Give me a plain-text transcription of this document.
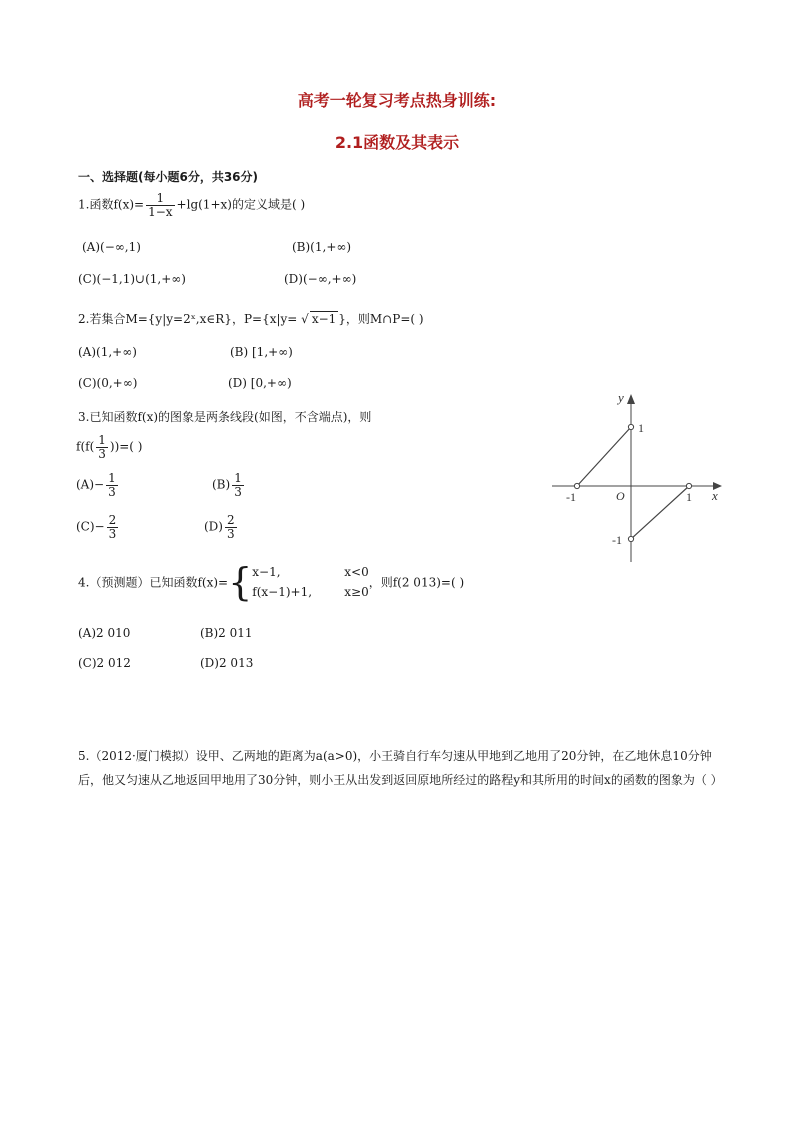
高考一轮复习考点热身训练:
2.1函数及其表示
一、选择题(每小题6分，共36分)
1.函数$f(x)= \frac{1}{1-x} +\lg(1+x)$的定义域是( )
(A)(−∞,1)	(B)(1,+∞)
(C)(−1,1)∪(1,+∞)	(D)(−∞,+∞)
2.若集合M={y|y=2ˣ,x∈R}，P={x|y= √ x−1 }，则M∩P=( )
(A)(1,+∞)	(B) [1,+∞)
(C)(0,+∞)	(D) [0,+∞)
3.已知函数f(x)的图象是两条线段(如图，不含端点)，则
$f(f( \frac{1}{3}$ ))=( )
$(A)- \frac{1}{3}$	$(B) \frac{1}{3}$
$(C)- \frac{2}{3}$	$(D) \frac{2}{3}$
y
x
O
1
-1	1
-1
4.（预测题）已知函数f(x)={ x−1,	x<0
f(x−1)+1,	x≥0
，则f(2 013)=( )
(A)2 010	(B)2 011
(C)2 012	(D)2 013
5.（2012·厦门模拟）设甲、乙两地的距离为a(a>0)，小王骑自行车匀速从甲地到乙地用了20分钟，在乙地休息10分钟后，他又匀速从乙地返回甲地用了30分钟，则小王从出发到返回原地所经过的路程y和其所用的时间x的函数的图象为（ ）
